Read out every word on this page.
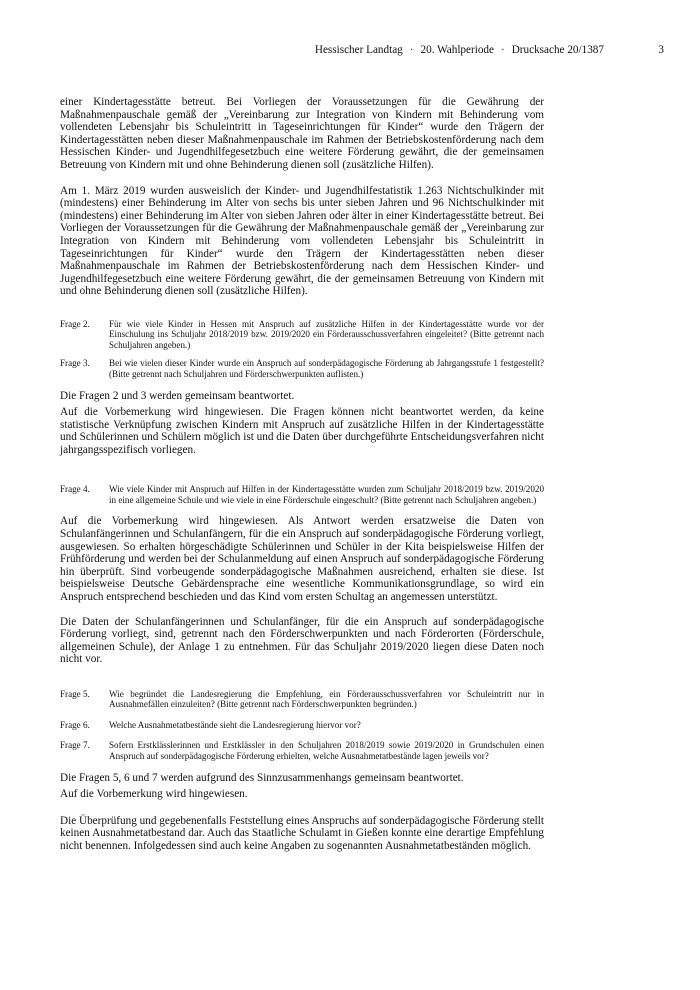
Hessischer Landtag · 20. Wahlperiode · Drucksache 20/1387	3

einer Kindertagesstätte betreut. Bei Vorliegen der Voraussetzungen für die Gewährung der Maßnahmenpauschale gemäß der „Vereinbarung zur Integration von Kindern mit Behinderung vom vollendeten Lebensjahr bis Schuleintritt in Tageseinrichtungen für Kinder“ wurde den Trägern der Kindertagesstätten neben dieser Maßnahmenpauschale im Rahmen der Betriebskostenförderung nach dem Hessischen Kinder- und Jugendhilfegesetzbuch eine weitere Förderung gewährt, die der gemeinsamen Betreuung von Kindern mit und ohne Behinderung dienen soll (zusätzliche Hilfen).

Am 1. März 2019 wurden ausweislich der Kinder- und Jugendhilfestatistik 1.263 Nichtschulkinder mit (mindestens) einer Behinderung im Alter von sechs bis unter sieben Jahren und 96 Nichtschulkinder mit (mindestens) einer Behinderung im Alter von sieben Jahren oder älter in einer Kindertagesstätte betreut. Bei Vorliegen der Voraussetzungen für die Gewährung der Maßnahmenpauschale gemäß der „Vereinbarung zur Integration von Kindern mit Behinderung vom vollendeten Lebensjahr bis Schuleintritt in Tageseinrichtungen für Kinder“ wurde den Trägern der Kindertagesstätten neben dieser Maßnahmenpauschale im Rahmen der Betriebskostenförderung nach dem Hessischen Kinder- und Jugendhilfegesetzbuch eine weitere Förderung gewährt, die der gemeinsamen Betreuung von Kindern mit und ohne Behinderung dienen soll (zusätzliche Hilfen).

Frage 2.	Für wie viele Kinder in Hessen mit Anspruch auf zusätzliche Hilfen in der Kindertagesstätte wurde vor der Einschulung ins Schuljahr 2018/2019 bzw. 2019/2020 ein Förderausschussverfahren eingeleitet? (Bitte getrennt nach Schuljahren angeben.)
Frage 3.	Bei wie vielen dieser Kinder wurde ein Anspruch auf sonderpädagogische Förderung ab Jahrgangsstufe 1 festgestellt? (Bitte getrennt nach Schuljahren und Förderschwerpunkten auflisten.)

Die Fragen 2 und 3 werden gemeinsam beantwortet.

Auf die Vorbemerkung wird hingewiesen. Die Fragen können nicht beantwortet werden, da keine statistische Verknüpfung zwischen Kindern mit Anspruch auf zusätzliche Hilfen in der Kindertagesstätte und Schülerinnen und Schülern möglich ist und die Daten über durchgeführte Entscheidungsverfahren nicht jahrgangsspezifisch vorliegen.

Frage 4.	Wie viele Kinder mit Anspruch auf Hilfen in der Kindertagesstätte wurden zum Schuljahr 2018/2019 bzw. 2019/2020 in eine allgemeine Schule und wie viele in eine Förderschule eingeschult? (Bitte getrennt nach Schuljahren angeben.)

Auf die Vorbemerkung wird hingewiesen. Als Antwort werden ersatzweise die Daten von Schulanfängerinnen und Schulanfängern, für die ein Anspruch auf sonderpädagogische Förderung vorliegt, ausgewiesen. So erhalten hörgeschädigte Schülerinnen und Schüler in der Kita beispielsweise Hilfen der Frühförderung und werden bei der Schulanmeldung auf einen Anspruch auf sonderpädagogische Förderung hin überprüft. Sind vorbeugende sonderpädagogische Maßnahmen ausreichend, erhalten sie diese. Ist beispielsweise Deutsche Gebärdensprache eine wesentliche Kommunikationsgrundlage, so wird ein Anspruch entsprechend beschieden und das Kind vom ersten Schultag an angemessen unterstützt.

Die Daten der Schulanfängerinnen und Schulanfänger, für die ein Anspruch auf sonderpädagogische Förderung vorliegt, sind, getrennt nach den Förderschwerpunkten und nach Förderorten (Förderschule, allgemeinen Schule), der Anlage 1 zu entnehmen. Für das Schuljahr 2019/2020 liegen diese Daten noch nicht vor.

Frage 5.	Wie begründet die Landesregierung die Empfehlung, ein Förderausschussverfahren vor Schuleintritt nur in Ausnahmefällen einzuleiten? (Bitte getrennt nach Förderschwerpunkten begründen.)
Frage 6.	Welche Ausnahmetatbestände sieht die Landesregierung hiervor vor?
Frage 7.	Sofern Erstklässlerinnen und Erstklässler in den Schuljahren 2018/2019 sowie 2019/2020 in Grundschulen einen Anspruch auf sonderpädagogische Förderung erhielten, welche Ausnahmetatbestände lagen jeweils vor?

Die Fragen 5, 6 und 7 werden aufgrund des Sinnzusammenhangs gemeinsam beantwortet.

Auf die Vorbemerkung wird hingewiesen.

Die Überprüfung und gegebenenfalls Feststellung eines Anspruchs auf sonderpädagogische Förderung stellt keinen Ausnahmetatbestand dar. Auch das Staatliche Schulamt in Gießen konnte eine derartige Empfehlung nicht benennen. Infolgedessen sind auch keine Angaben zu sogenannten Ausnahmetatbeständen möglich.
